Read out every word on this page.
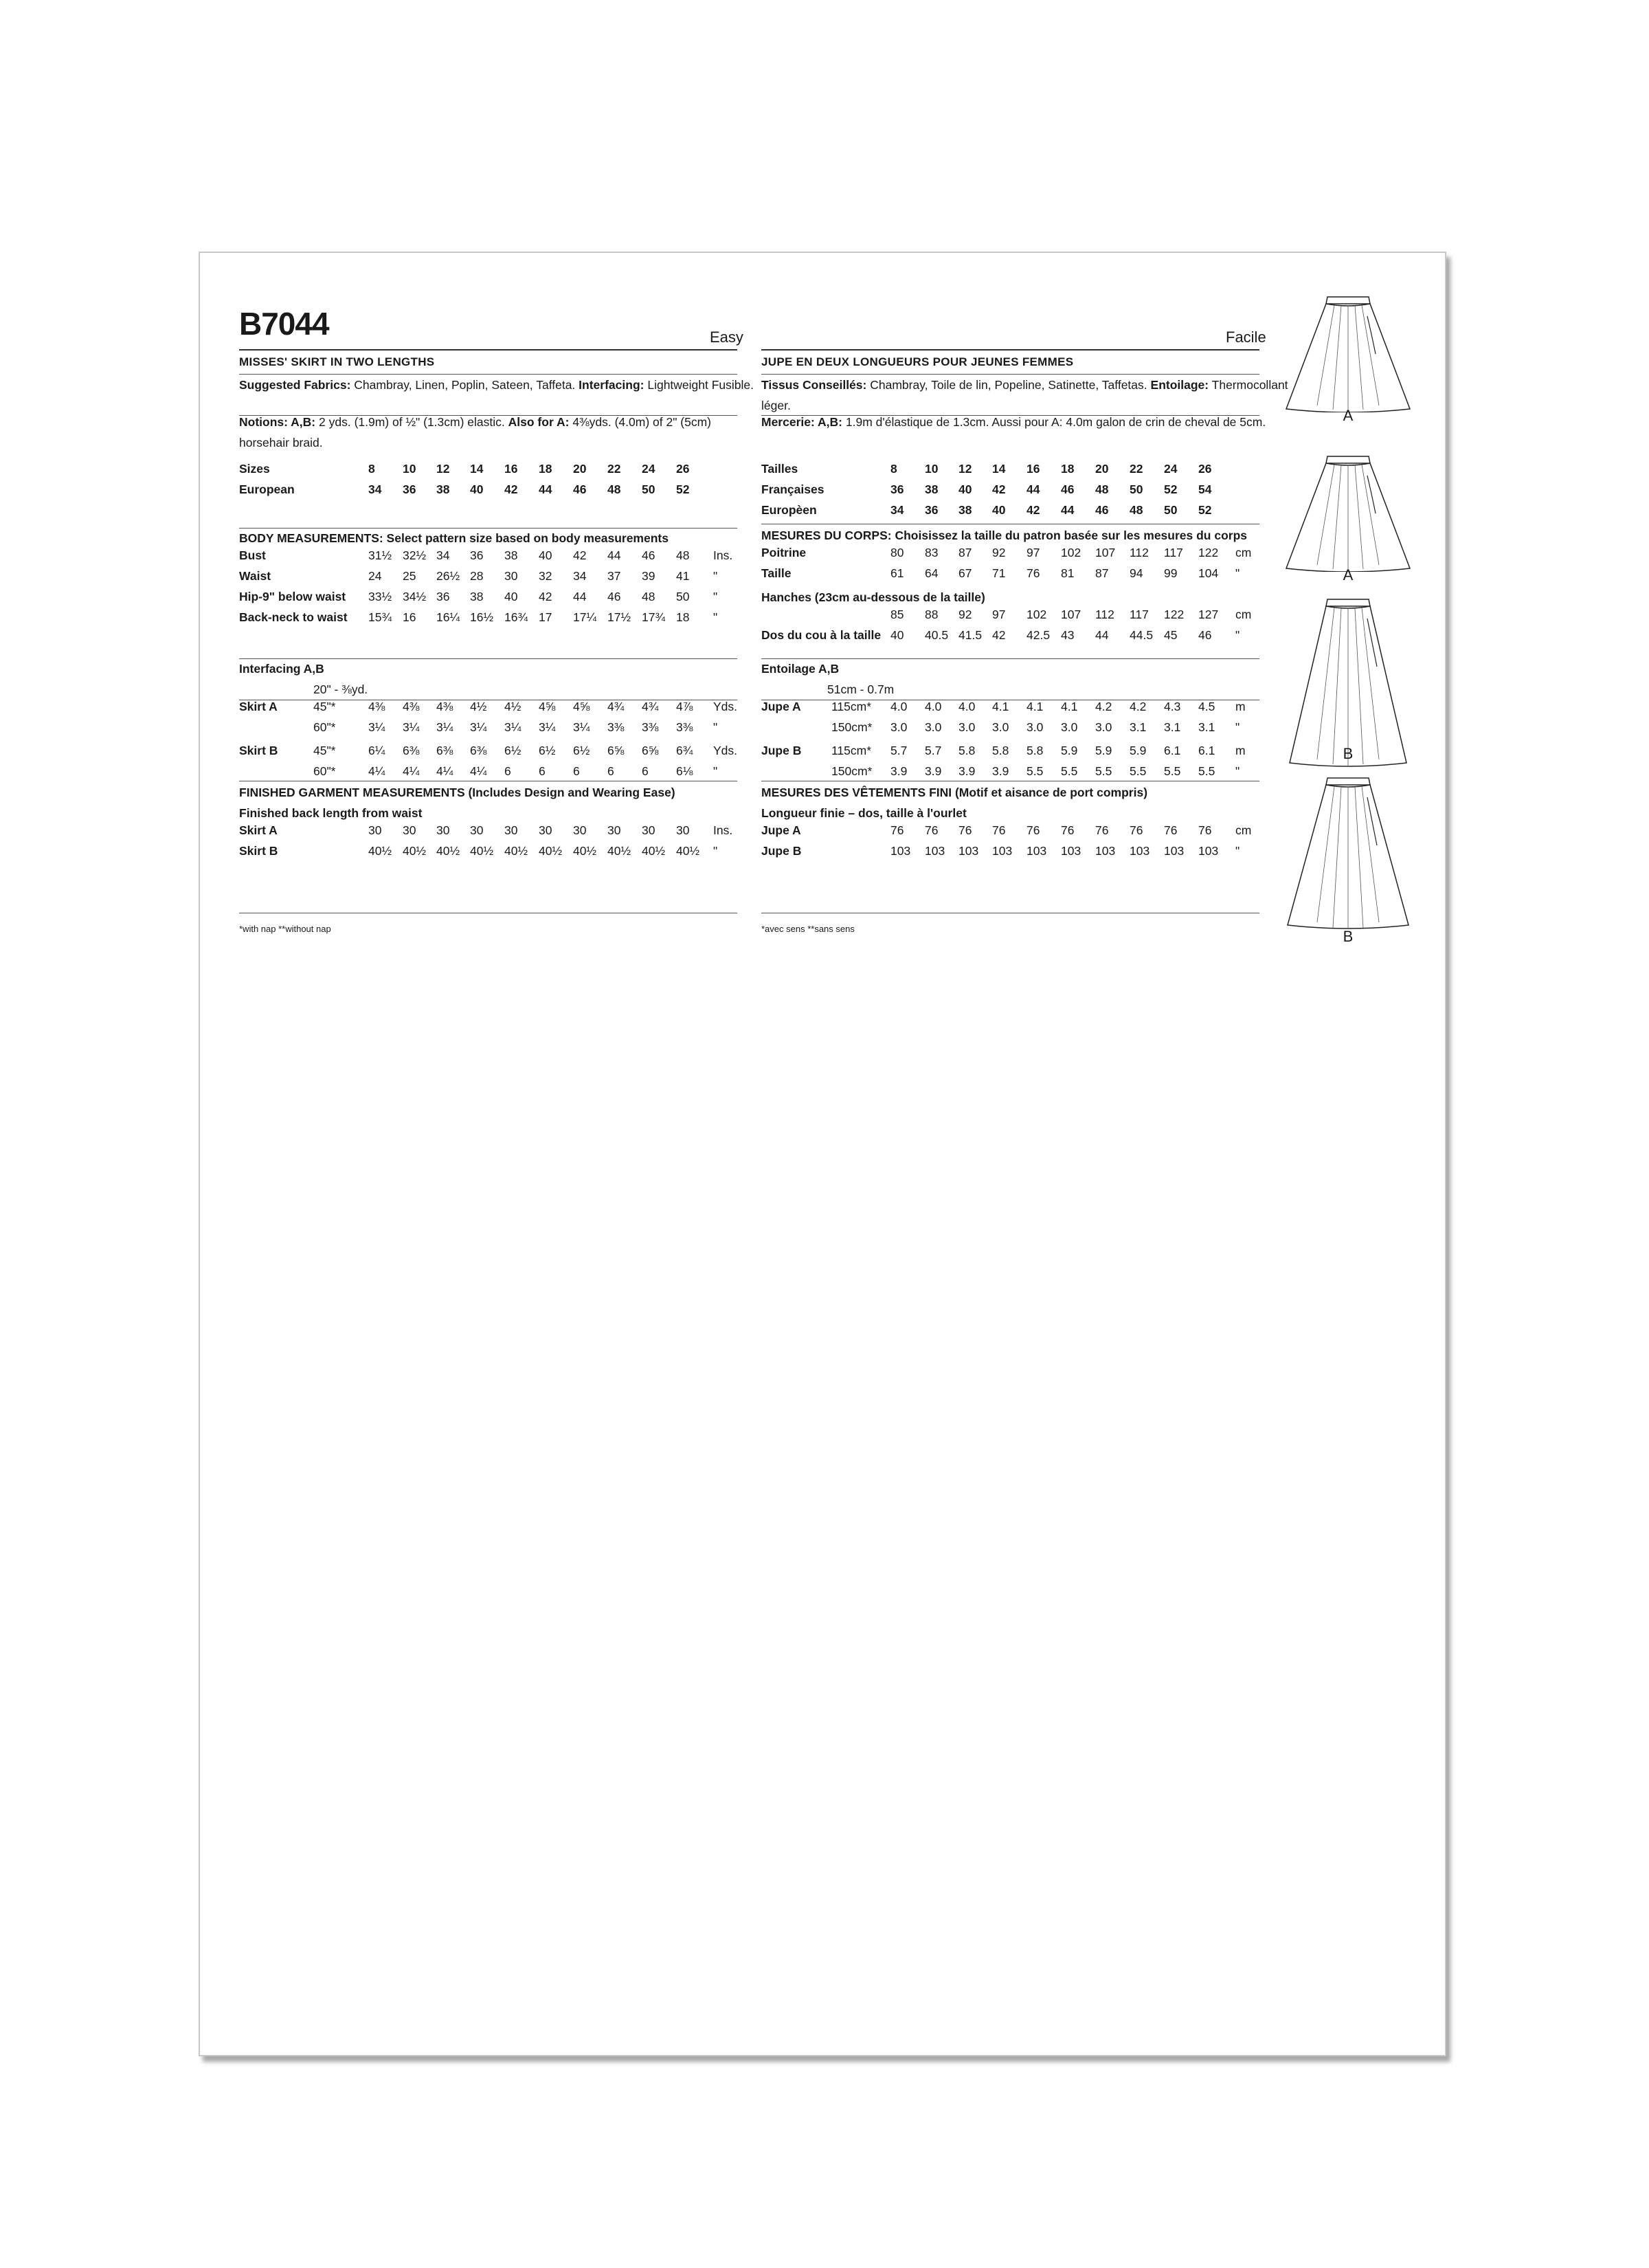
B7044	Easy	Facile
MISSES' SKIRT IN TWO LENGTHS
Suggested Fabrics: Chambray, Linen, Poplin, Sateen, Taffeta. Interfacing: Lightweight Fusible.
Notions: A,B: 2 yds. (1.9m) of ½" (1.3cm) elastic. Also for A: 4⅜yds. (4.0m) of 2" (5cm)
horsehair braid.
JUPE EN DEUX LONGUEURS POUR JEUNES FEMMES
Tissus Conseillés: Chambray, Toile de lin, Popeline, Satinette, Taffetas. Entoilage: Thermocollant
léger.
Mercerie: A,B: 1.9m d'élastique de 1.3cm. Aussi pour A: 4.0m galon de crin de cheval de 5cm.
Sizes	8 10 12 14 16 18 20 22 24 26
European	34 36 38 40 42 44 46 48 50 52
BODY MEASUREMENTS: Select pattern size based on body measurements
Bust	31½ 32½ 34 36 38 40 42 44 46 48 Ins.
Waist	24 25 26½ 28 30 32 34 37 39 41 "
Hip-9" below waist 33½ 34½ 36 38 40 42 44 46 48 50 "
Back-neck to waist 15¾ 16 16¼ 16½ 16¾ 17 17¼ 17½ 17¾ 18 "
Interfacing A,B
20" - ⅜yd.
Skirt A	45"*	4⅜ 4⅜ 4⅜ 4½ 4½ 4⅝ 4⅝ 4¾ 4¾ 4⅞ Yds.
60"*	3¼ 3¼ 3¼ 3¼ 3¼ 3¼ 3¼ 3⅜ 3⅜ 3⅜ "
Skirt B	45"*	6¼ 6⅜ 6⅜ 6⅜ 6½ 6½ 6½ 6⅝ 6⅝ 6¾ Yds.
60"*	4¼ 4¼ 4¼ 4¼ 6 6 6 6 6 6⅛ "
FINISHED GARMENT MEASUREMENTS (Includes Design and Wearing Ease)
Finished back length from waist
Skirt A	30 30 30 30 30 30 30 30 30 30 Ins.
Skirt B	40½ 40½ 40½ 40½ 40½ 40½ 40½ 40½ 40½ 40½ "
Tailles	8 10 12 14 16 18 20 22 24 26
Françaises	36 38 40 42 44 46 48 50 52 54
Europèen	34 36 38 40 42 44 46 48 50 52
MESURES DU CORPS: Choisissez la taille du patron basée sur les mesures du corps
Poitrine	80 83 87 92 97 102 107 112 117 122 cm
Taille	61 64 67 71 76 81 87 94 99 104 "
Hanches (23cm au-dessous de la taille)
85 88 92 97 102 107 112 117 122 127 cm
Dos du cou à la taille 40 40.5 41.5 42 42.5 43 44 44.5 45 46 "
Entoilage A,B
51cm - 0.7m
Jupe A	115cm* 4.0 4.0 4.0 4.1 4.1 4.1 4.2 4.2 4.3 4.5 m
150cm* 3.0 3.0 3.0 3.0 3.0 3.0 3.0 3.1 3.1 3.1 "
Jupe B 115cm* 5.7 5.7 5.8 5.8 5.8 5.9 5.9 5.9 6.1 6.1 m
150cm* 3.9 3.9 3.9 3.9 5.5 5.5 5.5 5.5 5.5 5.5 "
MESURES DES VÊTEMENTS FINI (Motif et aisance de port compris)
Longueur finie – dos, taille à l'ourlet
Jupe A	76 76 76 76 76 76 76 76 76 76 cm
Jupe B	103 103 103 103 103 103 103 103 103 103 "
*with nap **without nap	*avec sens **sans sens
A
A
B
B
